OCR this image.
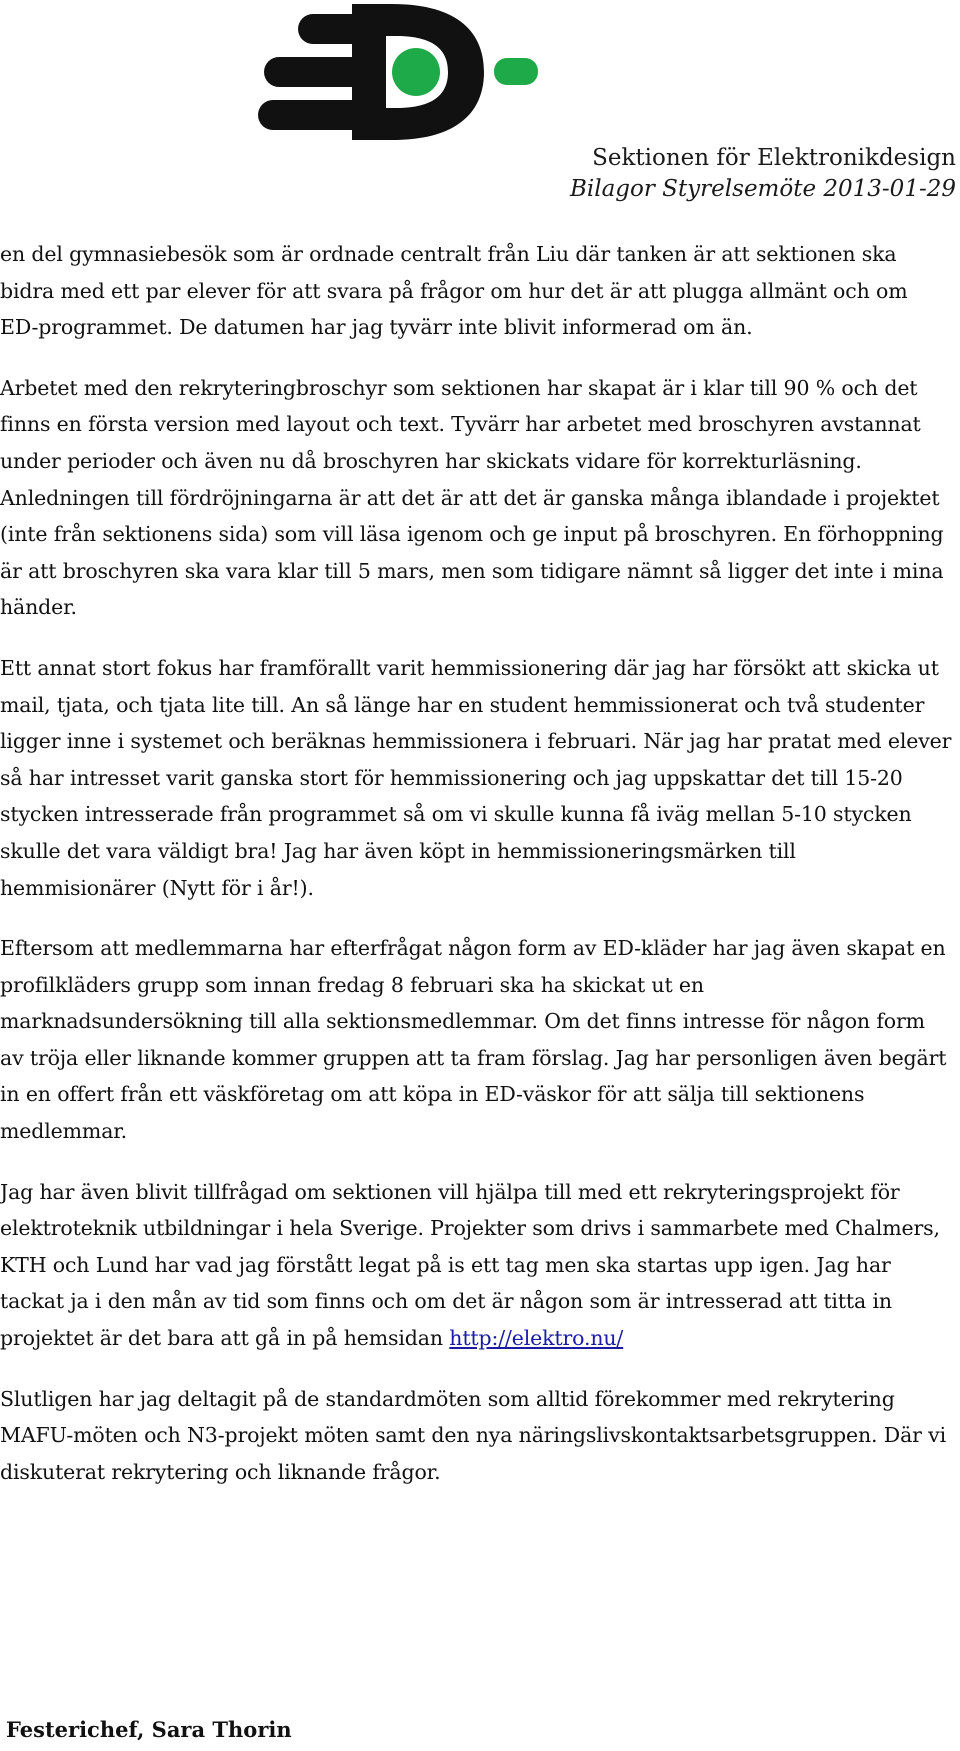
Sektionen för Elektronikdesign
Bilagor Styrelsemöte 2013-01-29

en del gymnasiebesök som är ordnade centralt från Liu där tanken är att sektionen ska bidra med ett par elever för att svara på frågor om hur det är att plugga allmänt och om ED-programmet. De datumen har jag tyvärr inte blivit informerad om än.

Arbetet med den rekryteringbroschyr som sektionen har skapat är i klar till 90 % och det finns en första version med layout och text. Tyvärr har arbetet med broschyren avstannat under perioder och även nu då broschyren har skickats vidare för korrekturläsning. Anledningen till fördröjningarna är att det är att det är ganska många iblandade i projektet (inte från sektionens sida) som vill läsa igenom och ge input på broschyren. En förhoppning är att broschyren ska vara klar till 5 mars, men som tidigare nämnt så ligger det inte i mina händer.

Ett annat stort fokus har framförallt varit hemmissionering där jag har försökt att skicka ut mail, tjata, och tjata lite till. An så länge har en student hemmissionerat och två studenter ligger inne i systemet och beräknas hemmissionera i februari. När jag har pratat med elever så har intresset varit ganska stort för hemmissionering och jag uppskattar det till 15-20 stycken intresserade från programmet så om vi skulle kunna få iväg mellan 5-10 stycken skulle det vara väldigt bra! Jag har även köpt in hemmissioneringsmärken till hemmisionärer (Nytt för i år!).

Eftersom att medlemmarna har efterfrågat någon form av ED-kläder har jag även skapat en profilkläders grupp som innan fredag 8 februari ska ha skickat ut en marknadsundersökning till alla sektionsmedlemmar. Om det finns intresse för någon form av tröja eller liknande kommer gruppen att ta fram förslag. Jag har personligen även begärt in en offert från ett väskföretag om att köpa in ED-väskor för att sälja till sektionens medlemmar.

Jag har även blivit tillfrågad om sektionen vill hjälpa till med ett rekryteringsprojekt för elektroteknik utbildningar i hela Sverige. Projekter som drivs i sammarbete med Chalmers, KTH och Lund har vad jag förstått legat på is ett tag men ska startas upp igen. Jag har tackat ja i den mån av tid som finns och om det är någon som är intresserad att titta in projektet är det bara att gå in på hemsidan http://elektro.nu/

Slutligen har jag deltagit på de standardmöten som alltid förekommer med rekrytering MAFU-möten och N3-projekt möten samt den nya näringslivskontaktsarbetsgruppen. Där vi diskuterat rekrytering och liknande frågor.

Festerichef, Sara Thorin
